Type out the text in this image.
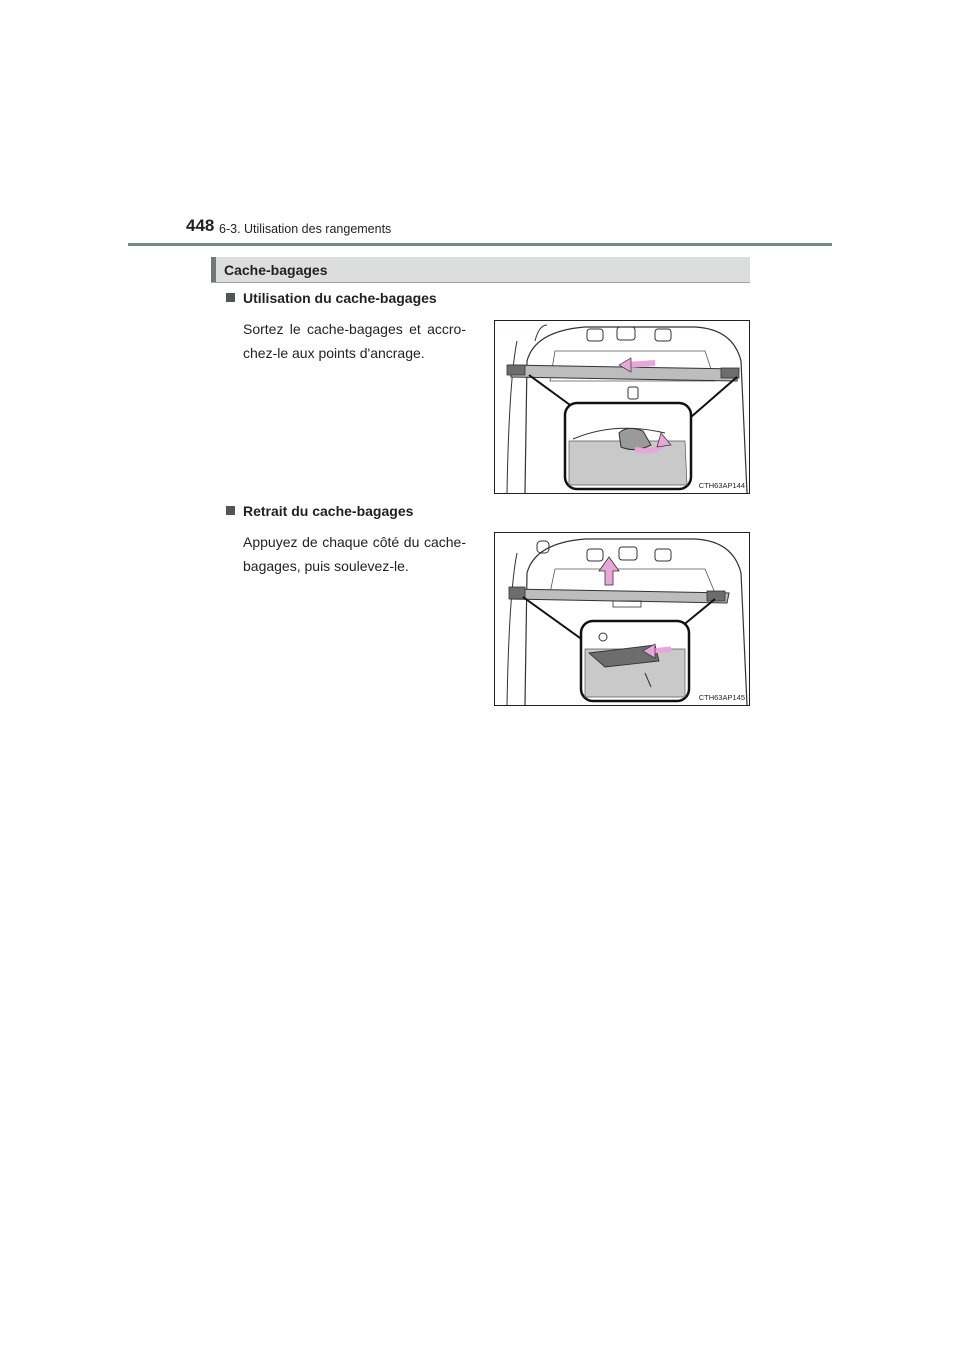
448 6-3. Utilisation des rangements
Cache-bagages
Utilisation du cache-bagages

Sortez le cache-bagages et accro-chez-le aux points d'ancrage.

CTH63AP144
Retrait du cache-bagages

Appuyez de chaque côté du cache-bagages, puis soulevez-le.

CTH63AP145
